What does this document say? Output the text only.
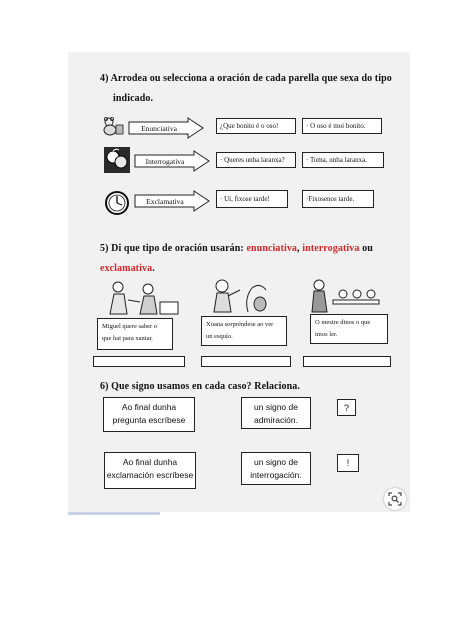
4) Arrodea ou selecciona a oración de cada parella que sexa do tipo
indicado.
Enunciativa	¿Que bonito é o oso!	· O oso é moi bonito.
Interrogativa	· Queres unha laranxa?	· Toma, unha laranxa.
Exclamativa	· Ui, fixose tarde!	·Fixosenos tarde.
5) Di que tipo de oración usarán: enunciativa, interrogativa ou
exclamativa.
Miguel quere saber o
que hai para xantar.
Xoana sorpréndese ao ver
un esquío.
O mestre dinos o que
imos ler.
6) Que signo usamos en cada caso? Relaciona.
Ao final dunha
pregunta escríbese
un signo de
admiración.
?
Ao final dunha
exclamación escríbese
un signo de
interrogación.
!
